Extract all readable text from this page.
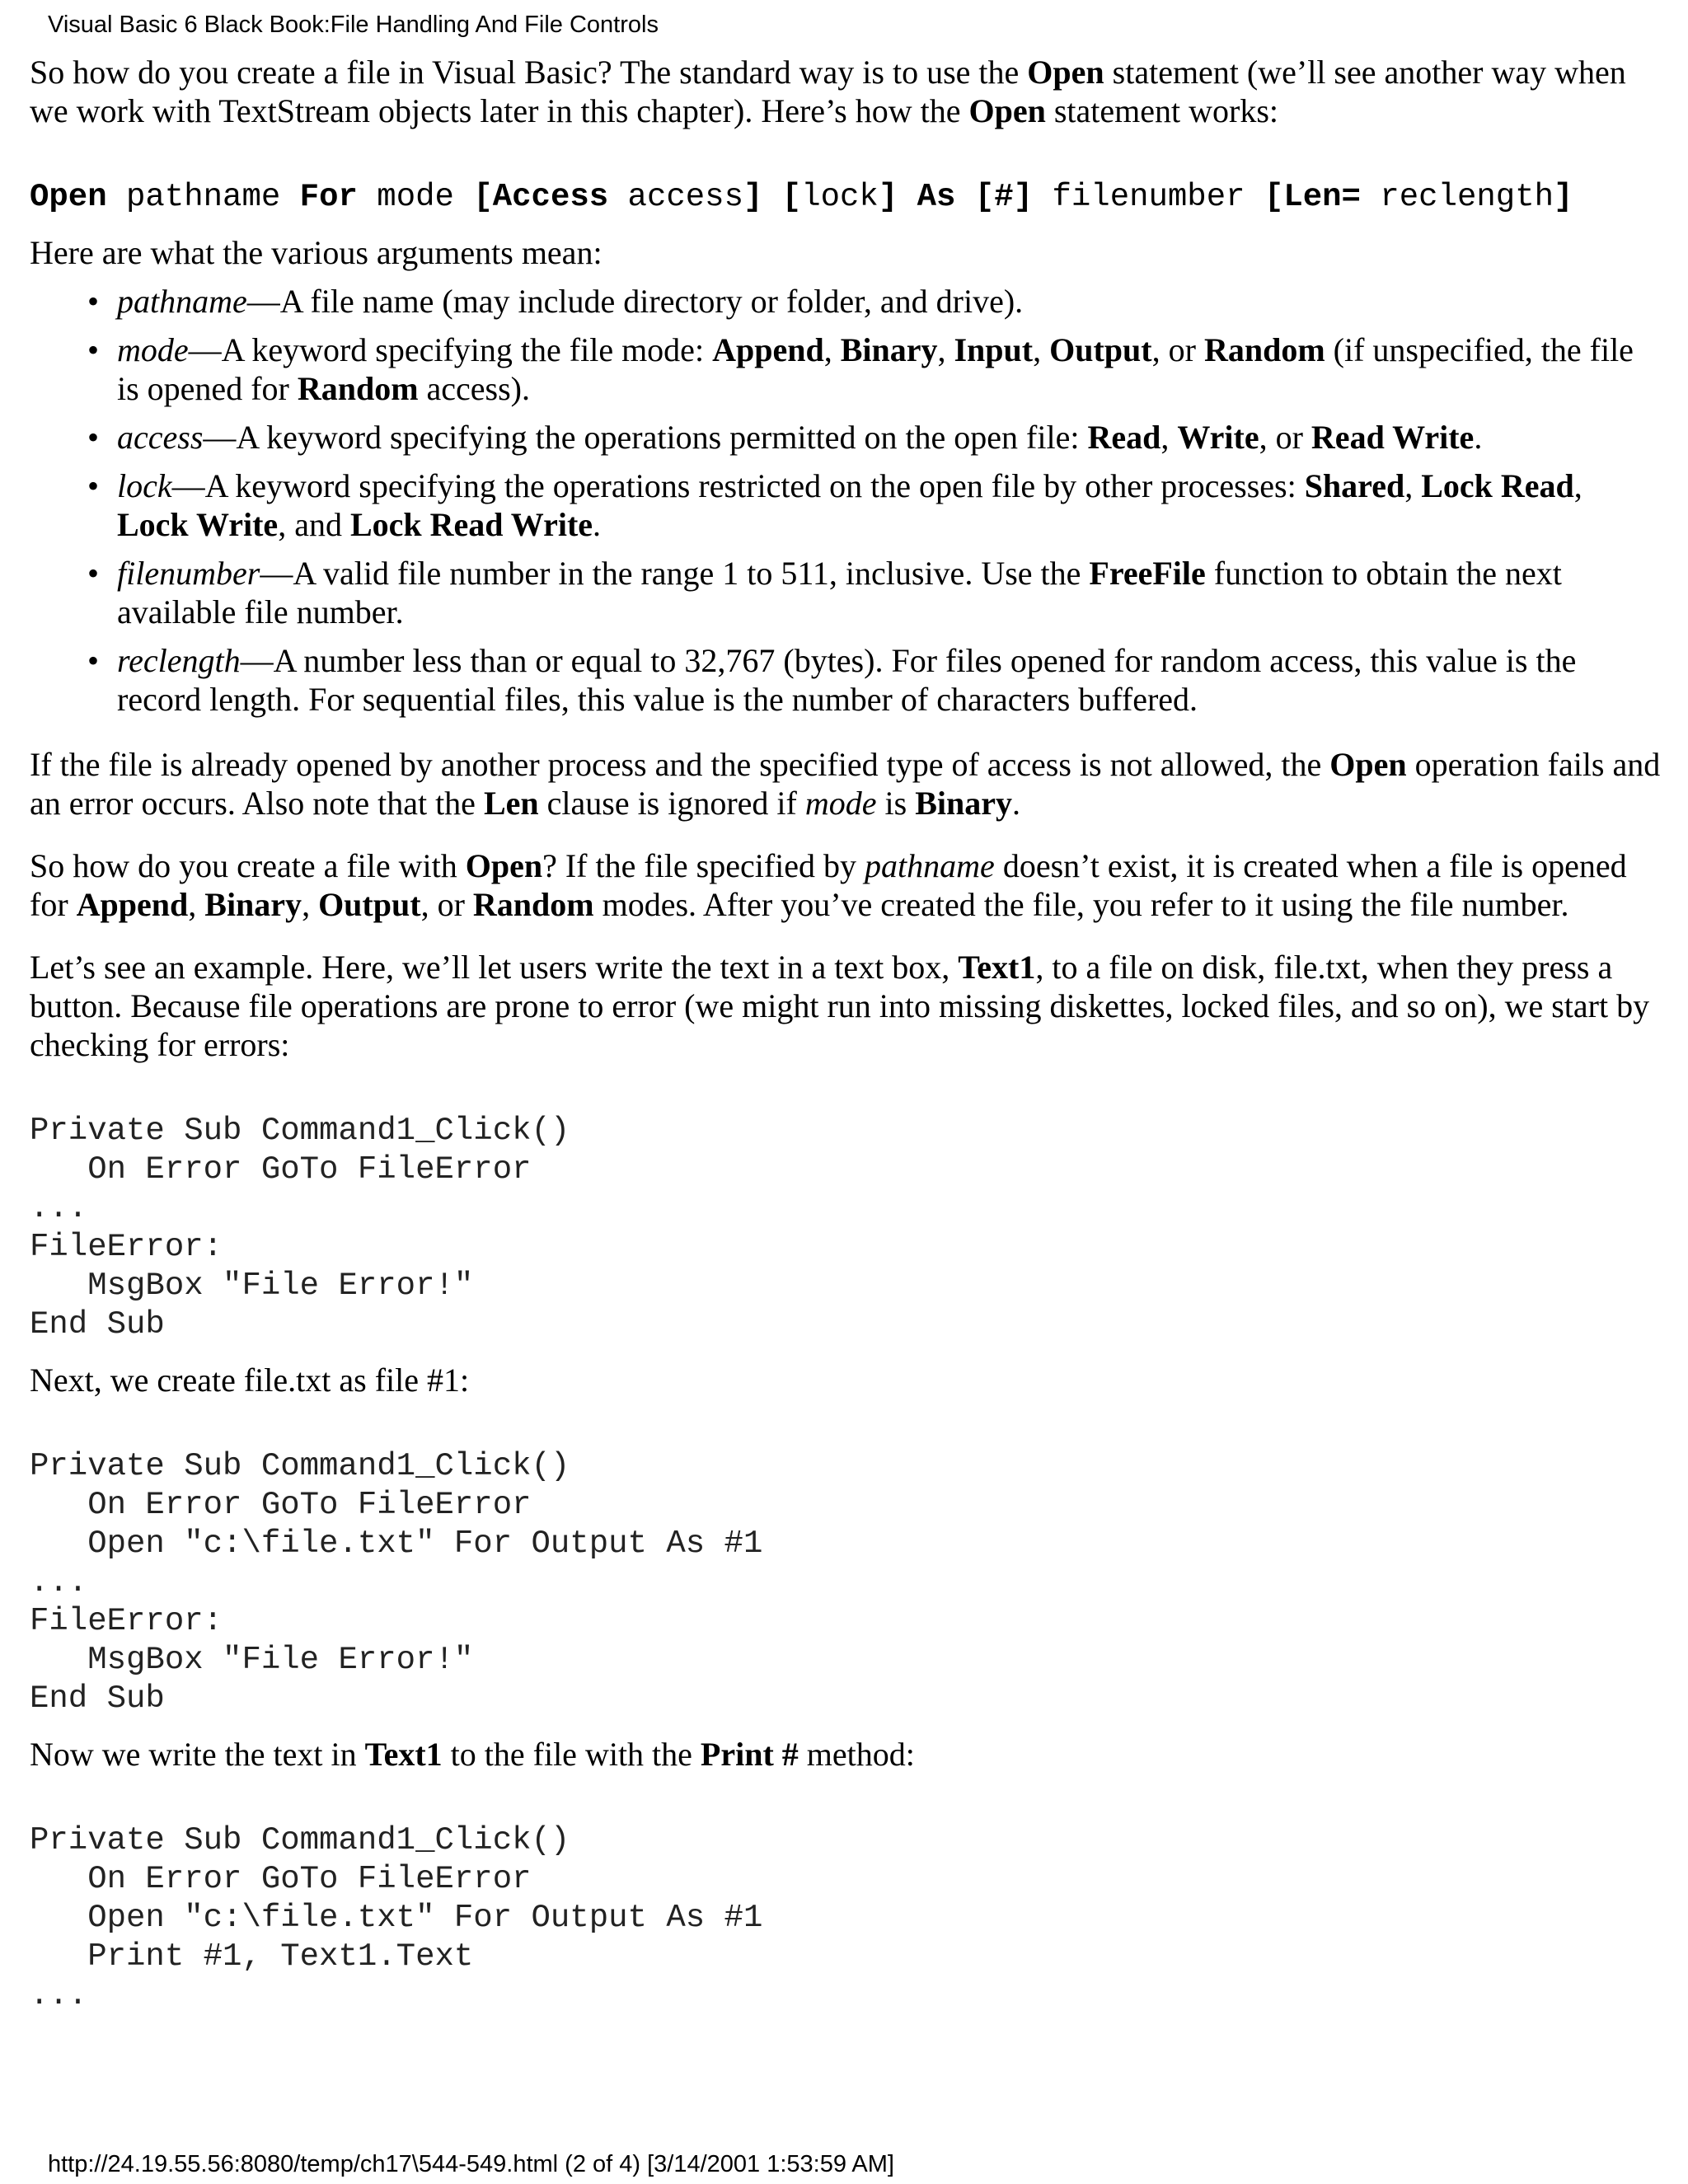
Visual Basic 6 Black Book:File Handling And File Controls

So how do you create a file in Visual Basic? The standard way is to use the Open statement (we’ll see another way when we work with TextStream objects later in this chapter). Here’s how the Open statement works:

Open pathname For mode [Access access] [lock] As [#] filenumber [Len= reclength]

Here are what the various arguments mean:

• pathname—A file name (may include directory or folder, and drive).
• mode—A keyword specifying the file mode: Append, Binary, Input, Output, or Random (if unspecified, the file is opened for Random access).
• access—A keyword specifying the operations permitted on the open file: Read, Write, or Read Write.
• lock—A keyword specifying the operations restricted on the open file by other processes: Shared, Lock Read, Lock Write, and Lock Read Write.
• filenumber—A valid file number in the range 1 to 511, inclusive. Use the FreeFile function to obtain the next available file number.
• reclength—A number less than or equal to 32,767 (bytes). For files opened for random access, this value is the record length. For sequential files, this value is the number of characters buffered.

If the file is already opened by another process and the specified type of access is not allowed, the Open operation fails and an error occurs. Also note that the Len clause is ignored if mode is Binary.

So how do you create a file with Open? If the file specified by pathname doesn’t exist, it is created when a file is opened for Append, Binary, Output, or Random modes. After you’ve created the file, you refer to it using the file number.

Let’s see an example. Here, we’ll let users write the text in a text box, Text1, to a file on disk, file.txt, when they press a button. Because file operations are prone to error (we might run into missing diskettes, locked files, and so on), we start by checking for errors:

Private Sub Command1_Click()
On Error GoTo FileError
...
FileError:
MsgBox "File Error!"
End Sub

Next, we create file.txt as file #1:

Private Sub Command1_Click()
On Error GoTo FileError
Open "c:\file.txt" For Output As #1
...
FileError:
MsgBox "File Error!"
End Sub

Now we write the text in Text1 to the file with the Print # method:

Private Sub Command1_Click()
On Error GoTo FileError
Open "c:\file.txt" For Output As #1
Print #1, Text1.Text
...
http://24.19.55.56:8080/temp/ch17\544-549.html (2 of 4) [3/14/2001 1:53:59 AM]
